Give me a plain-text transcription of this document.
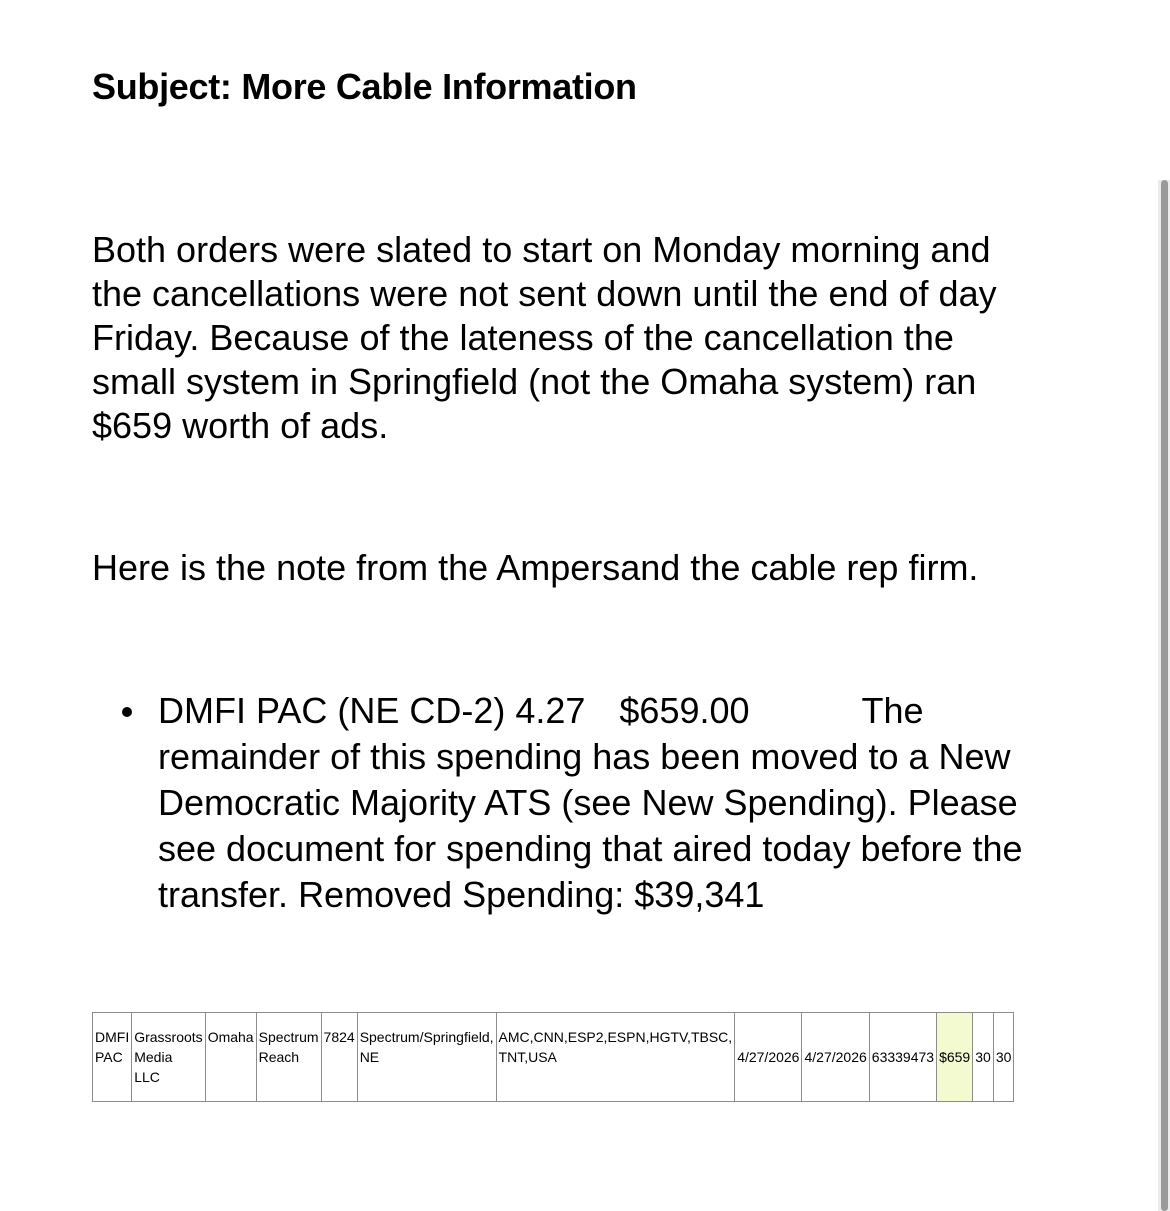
Subject: More Cable Information

Both orders were slated to start on Monday morning and
the cancellations were not sent down until the end of day
Friday. Because of the lateness of the cancellation the
small system in Springfield (not the Omaha system) ran
$659 worth of ads.

Here is the note from the Ampersand the cable rep firm.

DMFI PAC (NE CD-2) 4.27 $659.00	The
remainder of this spending has been moved to a New
Democratic Majority ATS (see New Spending). Please
see document for spending that aired today before the
transfer. Removed Spending: $39,341
DMFI
PAC	Grassroots
Media
LLC	Omaha	Spectrum
Reach	7824	Spectrum/Springfield,
NE	AMC,CNN,ESP2,ESPN,HGTV,TBSC,
TNT,USA	4/27/2026	4/27/2026	63339473	$659	30	30
